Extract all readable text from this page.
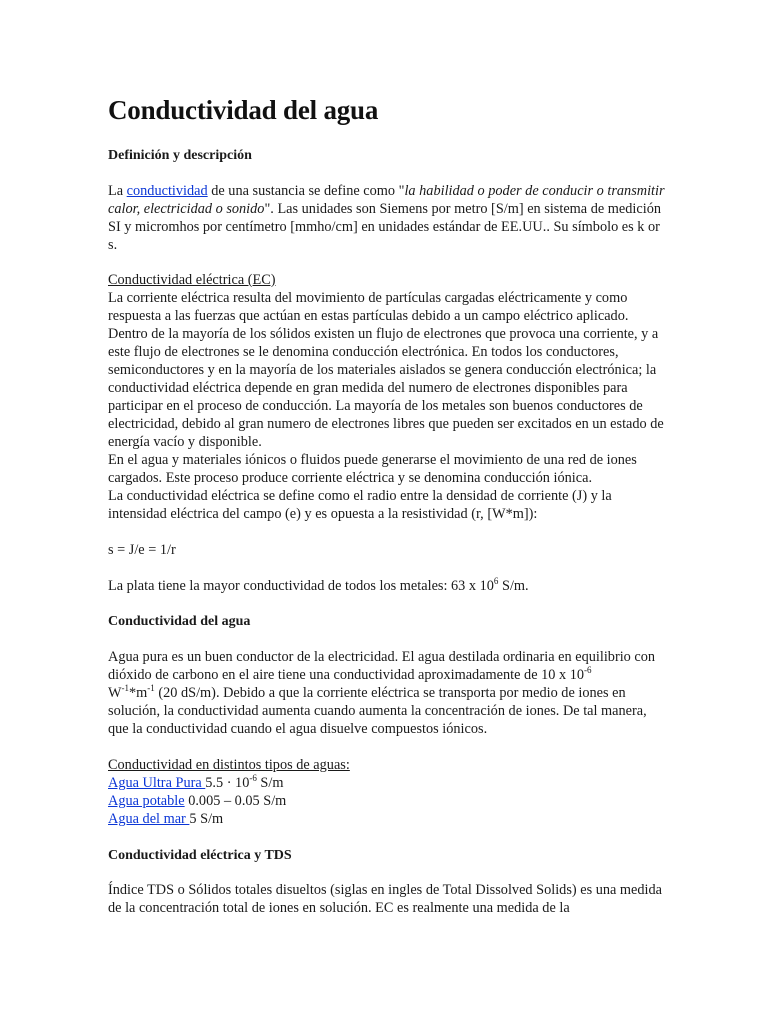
Conductividad del agua
Definición y descripción

La conductividad de una sustancia se define como "la habilidad o poder de conducir o transmitir calor, electricidad o sonido". Las unidades son Siemens por metro [S/m] en sistema de medición SI y micromhos por centímetro [mmho/cm] en unidades estándar de EE.UU.. Su símbolo es k or s.

Conductividad eléctrica (EC)
La corriente eléctrica resulta del movimiento de partículas cargadas eléctricamente y como respuesta a las fuerzas que actúan en estas partículas debido a un campo eléctrico aplicado. Dentro de la mayoría de los sólidos existen un flujo de electrones que provoca una corriente, y a este flujo de electrones se le denomina conducción electrónica. En todos los conductores, semiconductores y en la mayoría de los materiales aislados se genera conducción electrónica; la conductividad eléctrica depende en gran medida del numero de electrones disponibles para participar en el proceso de conducción. La mayoría de los metales son buenos conductores de electricidad, debido al gran numero de electrones libres que pueden ser excitados en un estado de energía vacío y disponible.
En el agua y materiales iónicos o fluidos puede generarse el movimiento de una red de iones cargados. Este proceso produce corriente eléctrica y se denomina conducción iónica.
La conductividad eléctrica se define como el radio entre la densidad de corriente (J) y la intensidad eléctrica del campo (e) y es opuesta a la resistividad (r, [W*m]):

s = J/e = 1/r

La plata tiene la mayor conductividad de todos los metales: 63 x $10^6$ S/m.

Conductividad del agua

Agua pura es un buen conductor de la electricidad. El agua destilada ordinaria en equilibrio con dióxido de carbono en el aire tiene una conductividad aproximadamente de 10 x $10^{-6}$
$W^{-1}*m^{-1}$ (20 dS/m). Debido a que la corriente eléctrica se transporta por medio de iones en solución, la conductividad aumenta cuando aumenta la concentración de iones. De tal manera, que la conductividad cuando el agua disuelve compuestos iónicos.

Conductividad en distintos tipos de aguas:
Agua Ultra Pura $5.5 \cdot 10^{-6}$ S/m
Agua potable 0.005 – 0.05 S/m
Agua del mar 5 S/m

Conductividad eléctrica y TDS

Índice TDS o Sólidos totales disueltos (siglas en ingles de Total Dissolved Solids) es una medida de la concentración total de iones en solución. EC es realmente una medida de la
